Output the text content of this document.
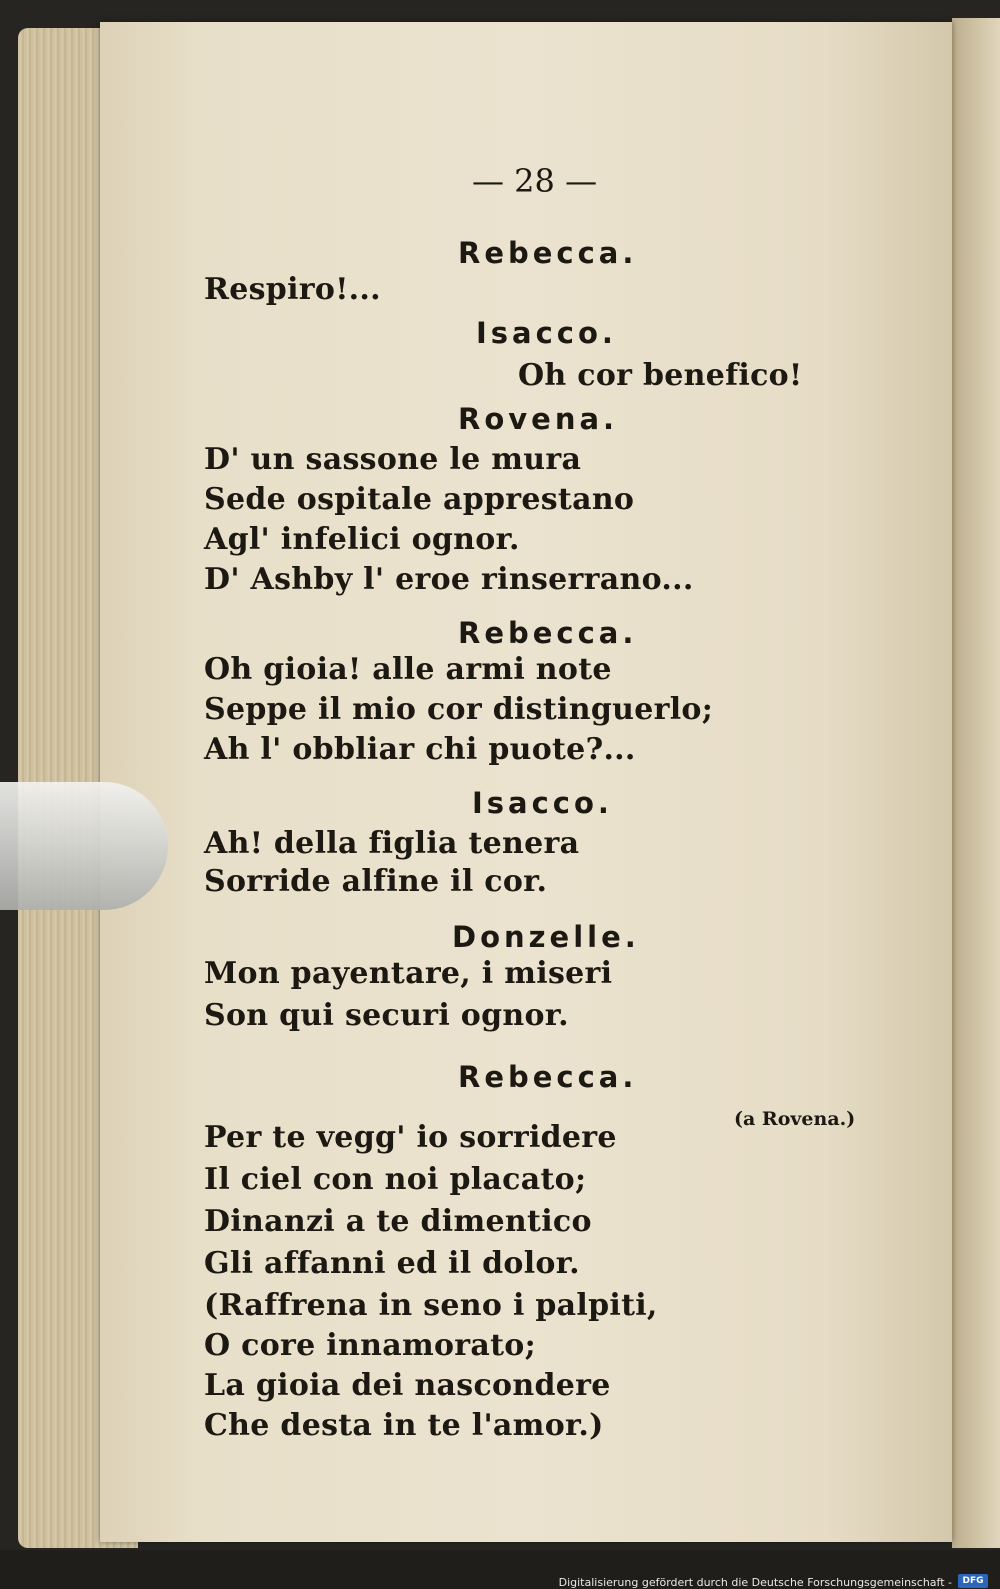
— 28 —
Rebecca.
Respiro!...
Isacco.
Oh cor benefico!
Rovena.
D' un sassone le mura
Sede ospitale apprestano
Agl' infelici ognor.
D' Ashby l' eroe rinserrano...
Rebecca.
Oh gioia! alle armi note
Seppe il mio cor distinguerlo;
Ah l' obbliar chi puote?...
Isacco.
Ah! della figlia tenera
Sorride alfine il cor.
Donzelle.
Mon payentare, i miseri
Son qui securi ognor.
Rebecca.
(a Rovena.)
Per te vegg' io sorridere
Il ciel con noi placato;
Dinanzi a te dimentico
Gli affanni ed il dolor.
(Raffrena in seno i palpiti,
O core innamorato;
La gioia dei nascondere
Che desta in te l'amor.)
Digitalisierung gefördert durch die Deutsche Forschungsgemeinschaft -	DFG
